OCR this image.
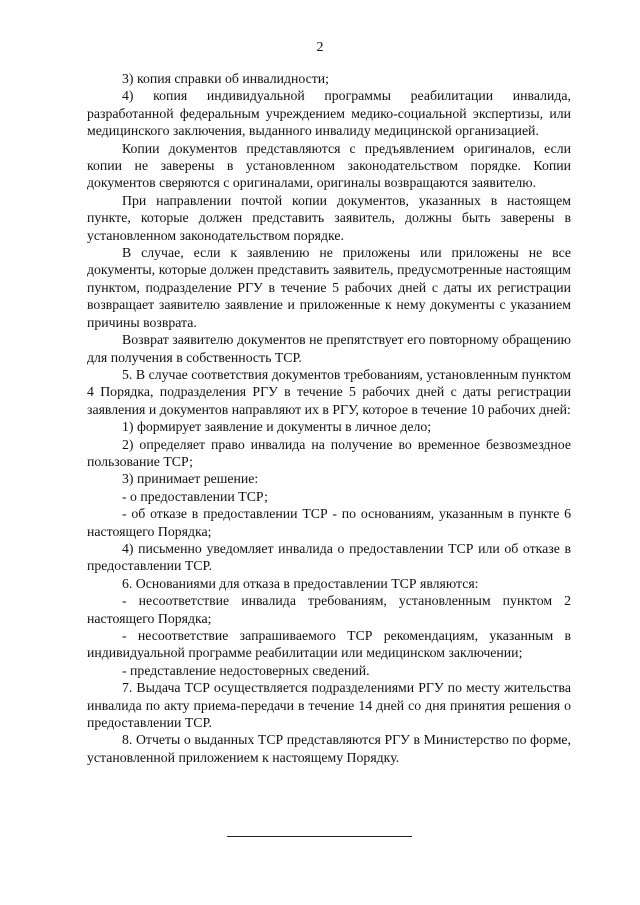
2

3) копия справки об инвалидности;

4) копия индивидуальной программы реабилитации инвалида, разработанной федеральным учреждением медико-социальной экспертизы, или медицинского заключения, выданного инвалиду медицинской организацией.

Копии документов представляются с предъявлением оригиналов, если копии не заверены в установленном законодательством порядке. Копии документов сверяются с оригиналами, оригиналы возвращаются заявителю.

При направлении почтой копии документов, указанных в настоящем пункте, которые должен представить заявитель, должны быть заверены в установленном законодательством порядке.

В случае, если к заявлению не приложены или приложены не все документы, которые должен представить заявитель, предусмотренные настоящим пунктом, подразделение РГУ в течение 5 рабочих дней с даты их регистрации возвращает заявителю заявление и приложенные к нему документы с указанием причины возврата.

Возврат заявителю документов не препятствует его повторному обращению для получения в собственность ТСР.

5. В случае соответствия документов требованиям, установленным пунктом 4 Порядка, подразделения РГУ в течение 5 рабочих дней с даты регистрации заявления и документов направляют их в РГУ, которое в течение 10 рабочих дней:

1) формирует заявление и документы в личное дело;

2) определяет право инвалида на получение во временное безвозмездное пользование ТСР;

3) принимает решение:

- о предоставлении ТСР;

- об отказе в предоставлении ТСР - по основаниям, указанным в пункте 6 настоящего Порядка;

4) письменно уведомляет инвалида о предоставлении ТСР или об отказе в предоставлении ТСР.

6. Основаниями для отказа в предоставлении ТСР являются:

- несоответствие инвалида требованиям, установленным пунктом 2 настоящего Порядка;

- несоответствие запрашиваемого ТСР рекомендациям, указанным в индивидуальной программе реабилитации или медицинском заключении;

- представление недостоверных сведений.

7. Выдача ТСР осуществляется подразделениями РГУ по месту жительства инвалида по акту приема-передачи в течение 14 дней со дня принятия решения о предоставлении ТСР.

8. Отчеты о выданных ТСР представляются РГУ в Министерство по форме, установленной приложением к настоящему Порядку.
